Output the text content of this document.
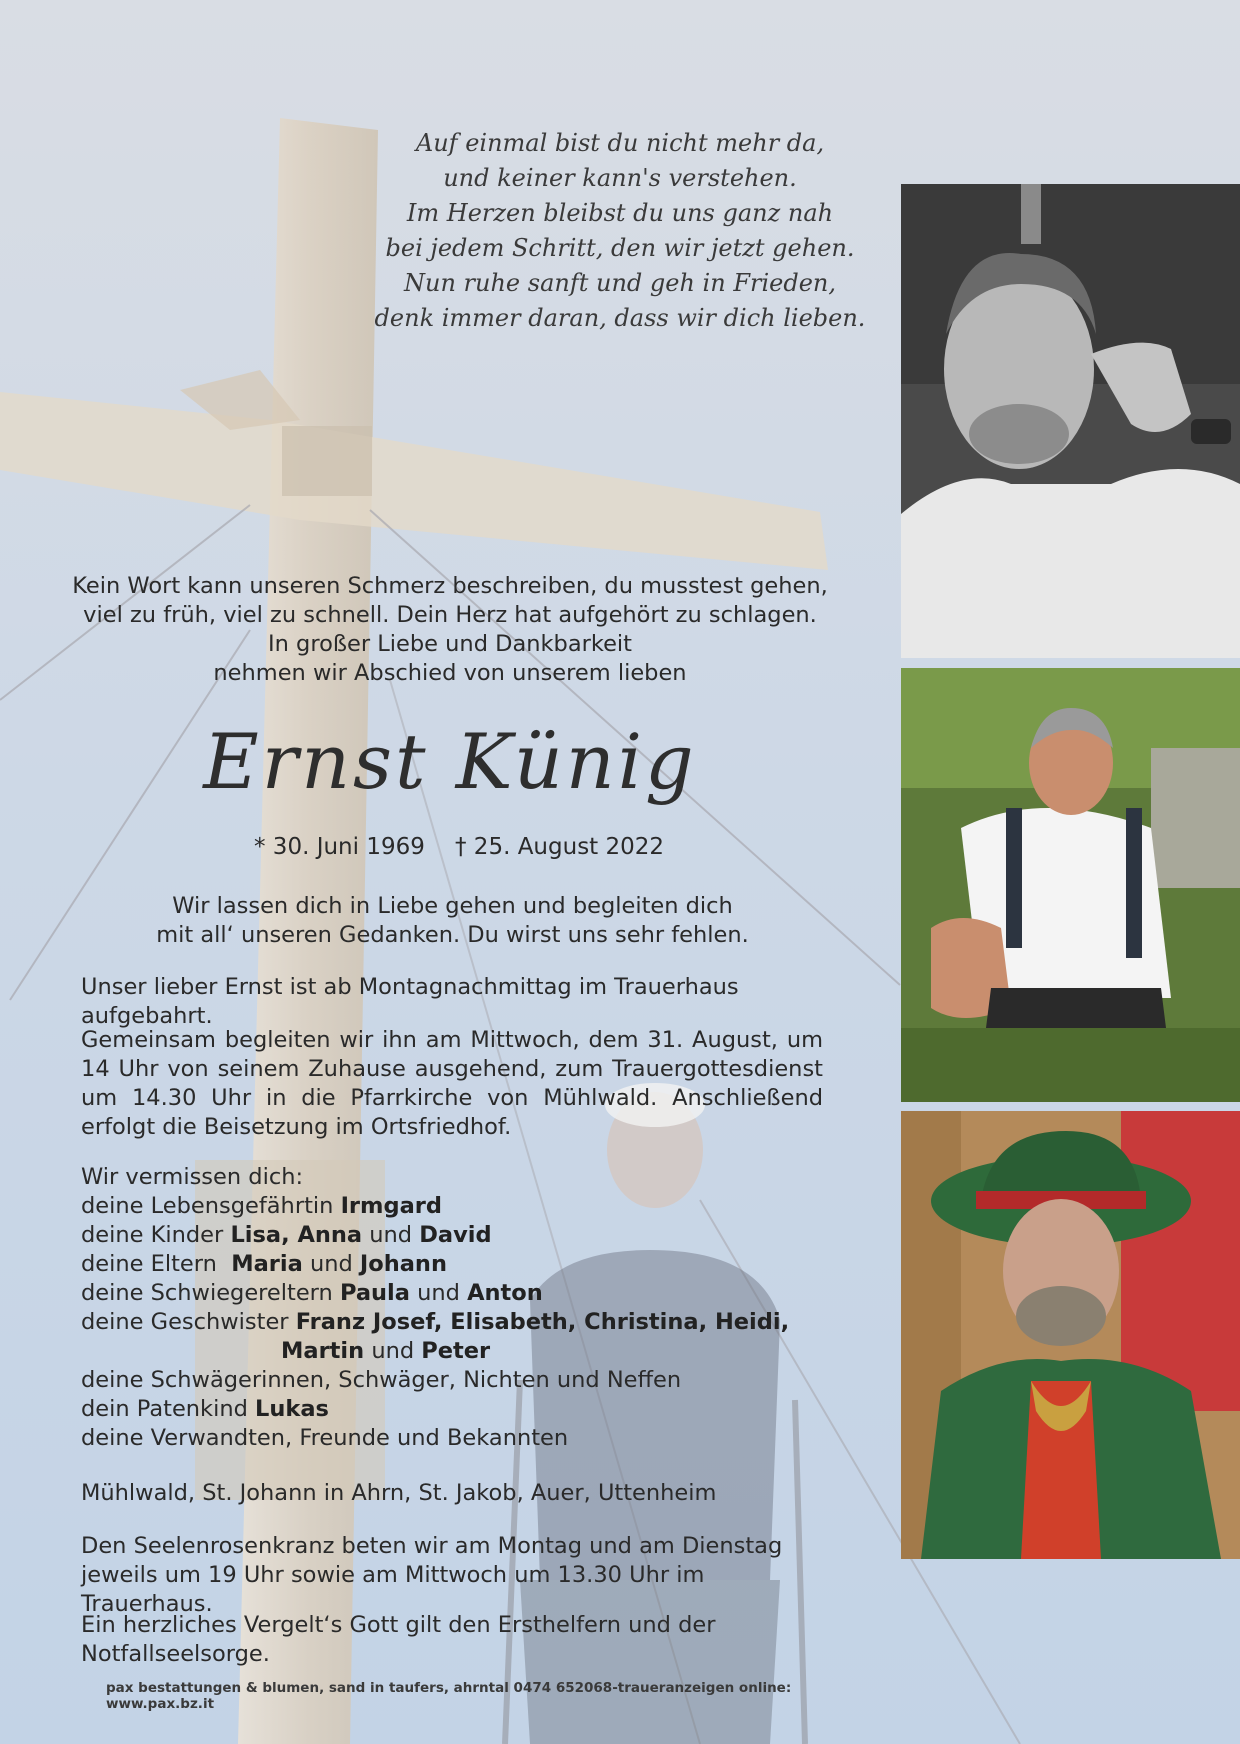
Auf einmal bist du nicht mehr da,
und keiner kann's verstehen.
Im Herzen bleibst du uns ganz nah
bei jedem Schritt, den wir jetzt gehen.
Nun ruhe sanft und geh in Frieden,
denk immer daran, dass wir dich lieben.
Kein Wort kann unseren Schmerz beschreiben, du musstest gehen,
viel zu früh, viel zu schnell. Dein Herz hat aufgehört zu schlagen.
In großer Liebe und Dankbarkeit
nehmen wir Abschied von unserem lieben
Ernst Künig
* 30. Juni 1969 † 25. August 2022
Wir lassen dich in Liebe gehen und begleiten dich
mit all‘ unseren Gedanken. Du wirst uns sehr fehlen.
Unser lieber Ernst ist ab Montagnachmittag im Trauerhaus aufgebahrt.
Gemeinsam begleiten wir ihn am Mittwoch, dem 31. August, um 14 Uhr von seinem Zuhause ausgehend, zum Trauergottesdienst um 14.30 Uhr in die Pfarrkirche von Mühlwald. Anschließend erfolgt die Beisetzung im Ortsfriedhof.
Wir vermissen dich:
deine Lebensgefährtin Irmgard
deine Kinder Lisa, Anna und David
deine Eltern Maria und Johann
deine Schwiegereltern Paula und Anton
deine Geschwister Franz Josef, Elisabeth, Christina, Heidi,
Martin und Peter
deine Schwägerinnen, Schwäger, Nichten und Neffen
dein Patenkind Lukas
deine Verwandten, Freunde und Bekannten
Mühlwald, St. Johann in Ahrn, St. Jakob, Auer, Uttenheim
Den Seelenrosenkranz beten wir am Montag und am Dienstag jeweils um 19 Uhr sowie am Mittwoch um 13.30 Uhr im Trauerhaus.
Ein herzliches Vergelt‘s Gott gilt den Ersthelfern und der Notfallseelsorge.
pax bestattungen & blumen, sand in taufers, ahrntal 0474 652068-traueranzeigen online: www.pax.bz.it
